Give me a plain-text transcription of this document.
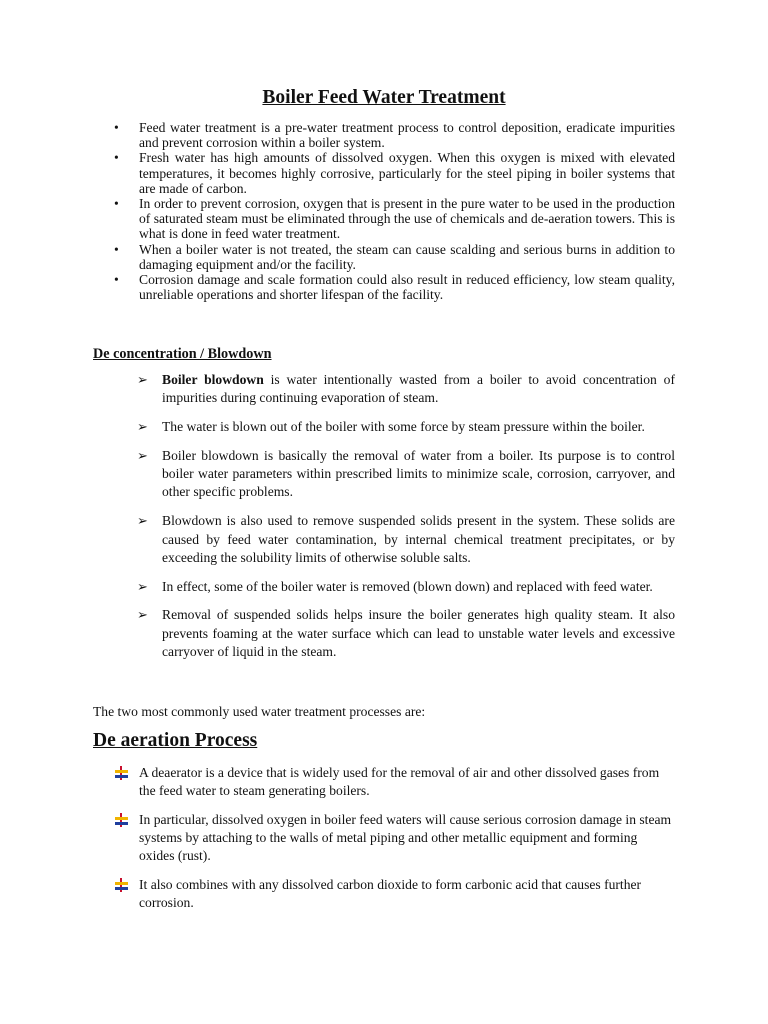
Boiler Feed Water Treatment
• Feed water treatment is a pre-water treatment process to control deposition, eradicate impurities and prevent corrosion within a boiler system.
• Fresh water has high amounts of dissolved oxygen. When this oxygen is mixed with elevated temperatures, it becomes highly corrosive, particularly for the steel piping in boiler systems that are made of carbon.
• In order to prevent corrosion, oxygen that is present in the pure water to be used in the production of saturated steam must be eliminated through the use of chemicals and de-aeration towers. This is what is done in feed water treatment.
• When a boiler water is not treated, the steam can cause scalding and serious burns in addition to damaging equipment and/or the facility.
• Corrosion damage and scale formation could also result in reduced efficiency, low steam quality, unreliable operations and shorter lifespan of the facility.
De concentration / Blowdown
➢ Boiler blowdown is water intentionally wasted from a boiler to avoid concentration of impurities during continuing evaporation of steam.
➢ The water is blown out of the boiler with some force by steam pressure within the boiler.
➢ Boiler blowdown is basically the removal of water from a boiler. Its purpose is to control boiler water parameters within prescribed limits to minimize scale, corrosion, carryover, and other specific problems.
➢ Blowdown is also used to remove suspended solids present in the system. These solids are caused by feed water contamination, by internal chemical treatment precipitates, or by exceeding the solubility limits of otherwise soluble salts.
➢ In effect, some of the boiler water is removed (blown down) and replaced with feed water.
➢ Removal of suspended solids helps insure the boiler generates high quality steam. It also prevents foaming at the water surface which can lead to unstable water levels and excessive carryover of liquid in the steam.
The two most commonly used water treatment processes are:
De aeration Process
A deaerator is a device that is widely used for the removal of air and other dissolved gases from the feed water to steam generating boilers.
In particular, dissolved oxygen in boiler feed waters will cause serious corrosion damage in steam systems by attaching to the walls of metal piping and other metallic equipment and forming oxides (rust).
It also combines with any dissolved carbon dioxide to form carbonic acid that causes further corrosion.
